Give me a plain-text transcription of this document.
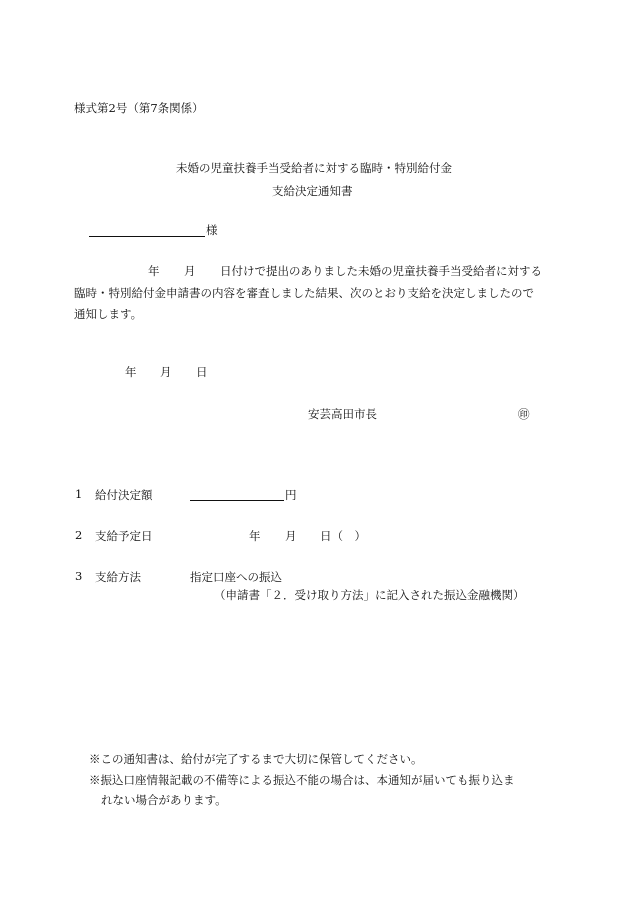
様式第2号（第7条関係）
未婚の児童扶養手当受給者に対する臨時・特別給付金
支給決定通知書
様
年 月 日付けで提出のありました未婚の児童扶養手当受給者に対する
臨時・特別給付金申請書の内容を審査しました結果、次のとおり支給を決定しましたので
通知します。
年 月 日
安芸高田市長	㊞
1 給付決定額	円
2 支給予定日	年 月 日（　）
3 支給方法	指定口座への振込
（申請書「２．受け取り方法」に記入された振込金融機関）
※この通知書は、給付が完了するまで大切に保管してください。
※振込口座情報記載の不備等による振込不能の場合は、本通知が届いても振り込ま
れない場合があります。
